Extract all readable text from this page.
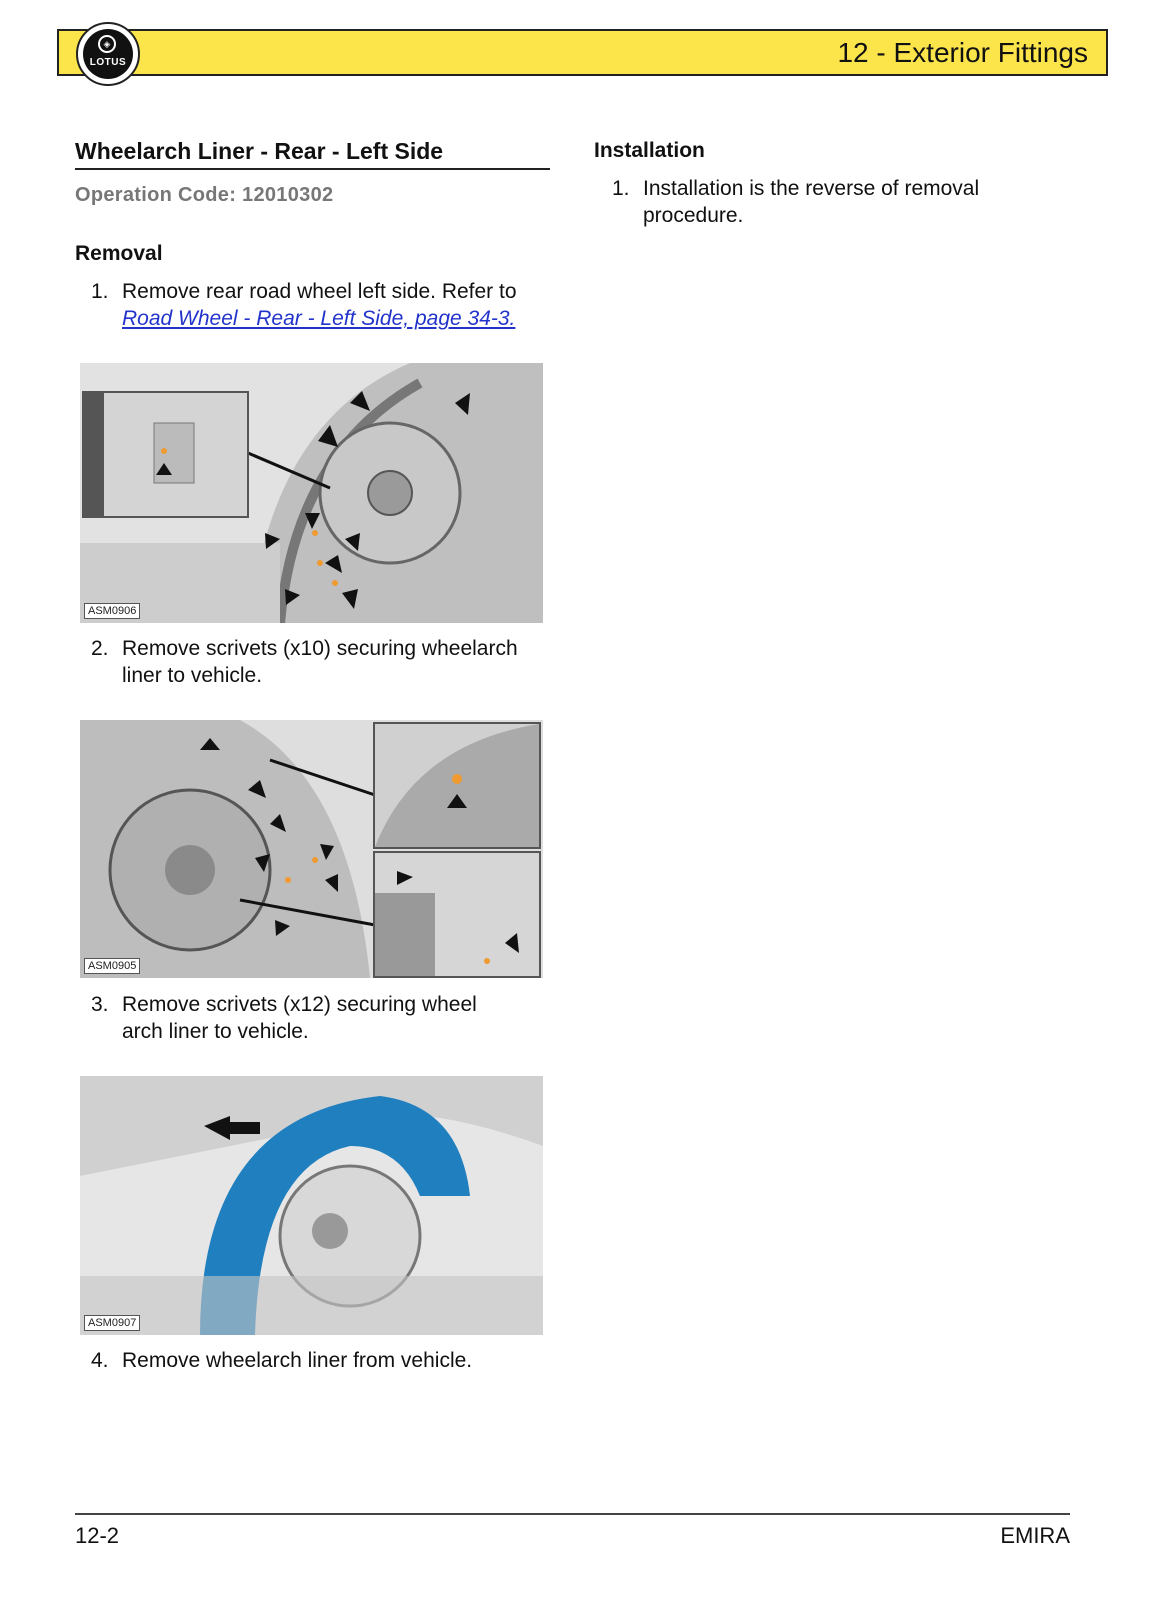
12 - Exterior Fittings
◈
LOTUS
Wheelarch Liner - Rear - Left Side
Operation Code: 12010302
Removal
1. Remove rear road wheel left side. Refer to
Road Wheel - Rear - Left Side, page 34-3.
ASM0906
2. Remove scrivets (x10) securing wheelarch
liner to vehicle.
ASM0905
3. Remove scrivets (x12) securing wheel
arch liner to vehicle.
ASM0907
4. Remove wheelarch liner from vehicle.
Installation
1. Installation is the reverse of removal
procedure.
12-2	EMIRA
